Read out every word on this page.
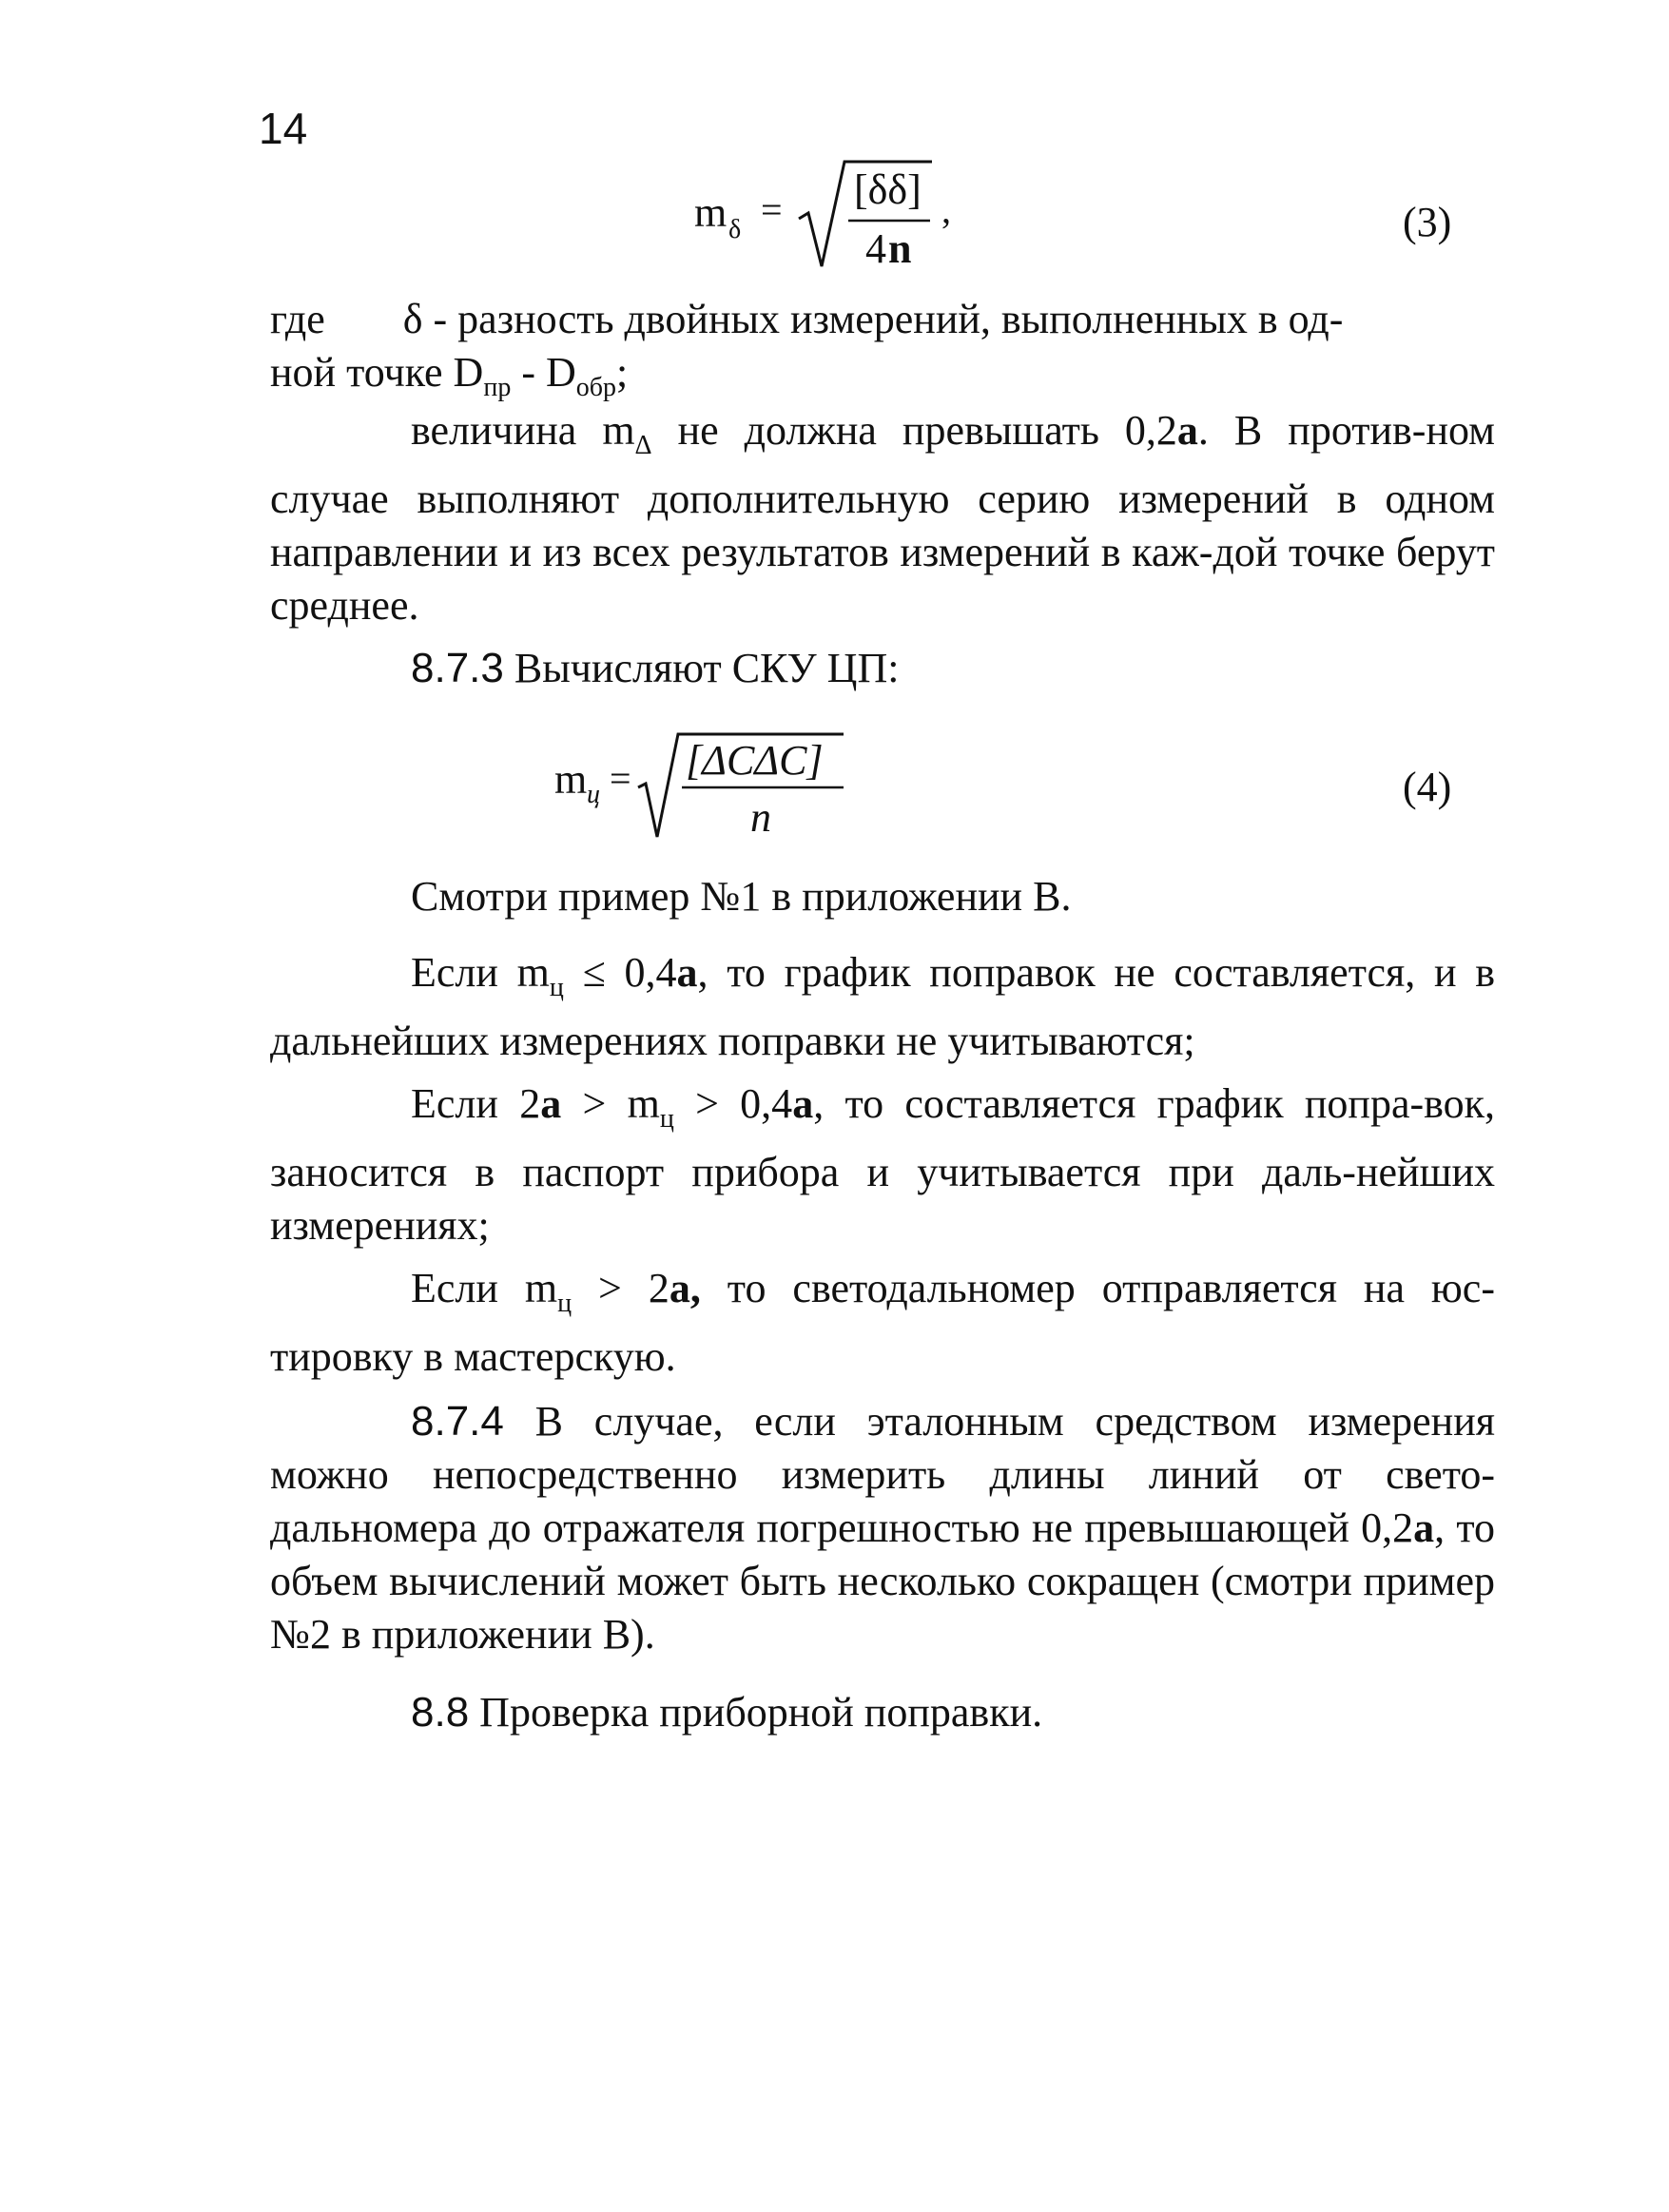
14
m δ = [δδ]
4 n
,	(3)

где δ - разность двойных измерений, выполненных в од-
ной точке $D_{пр} - D_{обр}$;

величина $m_\Delta$ не должна превышать 0,2а. В против-ном случае выполняют дополнительную серию измерений в одном направлении и из всех результатов измерений в каж-дой точке берут среднее.

8.7.3 Вычисляют СКУ ЦП:

m ц = [ΔCΔC]
n
(4)

Смотри пример №1 в приложении В.

Если $m_ц \le 0,4а$, то график поправок не составляется, и в дальнейших измерениях поправки не учитываются;

Если $2а > m_ц > 0,4а$, то составляется график попра-вок, заносится в паспорт прибора и учитывается при даль-нейших измерениях;

Если $m_ц > 2а$, то светодальномер отправляется на юс-тировку в мастерскую.

8.7.4 В случае, если эталонным средством измерения можно непосредственно измерить длины линий от свето-дальномера до отражателя погрешностью не превышающей 0,2а, то объем вычислений может быть несколько сокращен (смотри пример №2 в приложении В).

8.8 Проверка приборной поправки.
